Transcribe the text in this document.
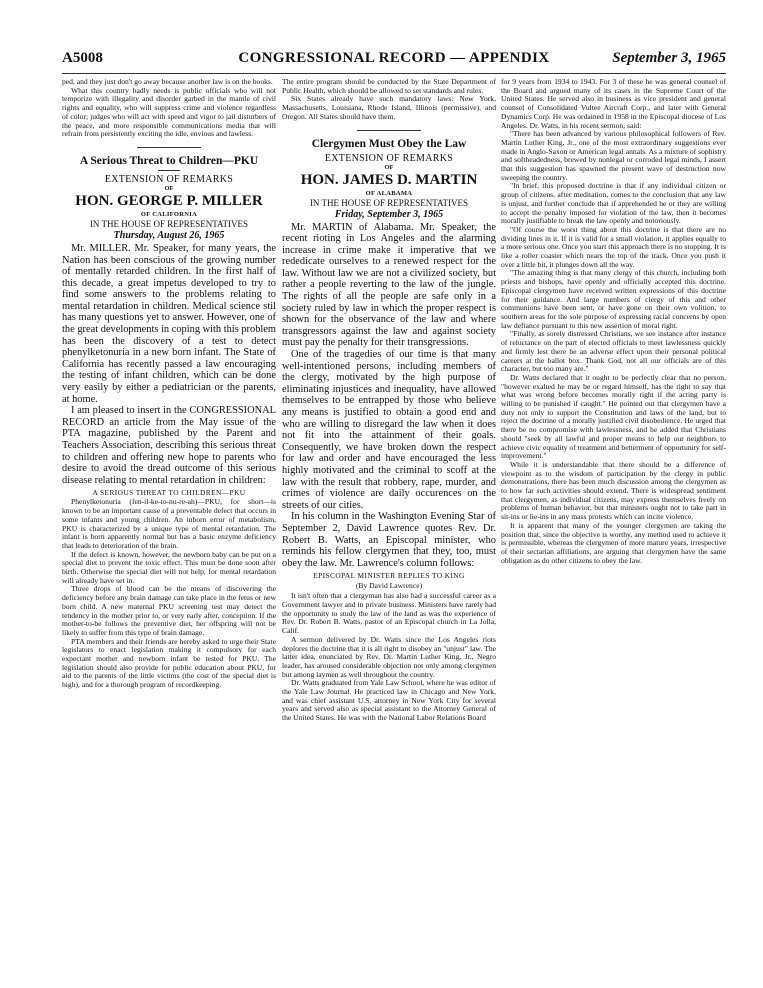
A5008	CONGRESSIONAL RECORD — APPENDIX	September 3, 1965

ped, and they just don't go away because another law is on the books.

What this country badly needs is public officials who will not temporize with illegality and disorder garbed in the mantle of civil rights and equality, who will suppress crime and violence regardless of color; judges who will act with speed and vigor to jail disturbers of the peace, and more responsible communications media that will refrain from persistently exciting the idle, envious and lawless.

A Serious Threat to Children—PKU
EXTENSION OF REMARKS
OF
HON. GEORGE P. MILLER
OF CALIFORNIA
IN THE HOUSE OF REPRESENTATIVES
Thursday, August 26, 1965

Mr. MILLER. Mr. Speaker, for many years, the Nation has been conscious of the growing number of mentally retarded children. In the first half of this decade, a great impetus developed to try to find some answers to the problems relating to mental retardation in children. Medical science stil has many questions yet to answer. However, one of the great developments in coping with this problem has been the discovery of a test to detect phenylketonuria in a new born infant. The State of California has recently passed a law encouraging the testing of infant children, which can be done very easily by either a pediatrician or the parents, at home.

I am pleased to insert in the CONGRESSIONAL RECORD an article from the May issue of the PTA magazine, published by the Parent and Teachers Association, describing this serious threat to children and offering new hope to parents who desire to avoid the dread outcome of this serious disease relating to mental retardation in children:

A SERIOUS THREAT TO CHILDREN—PKU

Phenylketonuria (fen-il-ke-to-nu-re-ah)—PKU, for short—is known to be an important cause of a preventable defect that occurs in some infants and young children. An inborn error of metabolism, PKU is characterized by a unique type of mental retardation. The infant is born apparently normal but has a basic enzyme deficiency that leads to deterioration of the brain.

If the defect is known, however, the newborn baby can be put on a special diet to prevent the toxic effect. This must be done soon after birth. Otherwise the special diet will not help, for mental retardation will already have set in.

Three drops of blood can be the means of discovering the deficiency before any brain damage can take place in the fetus or new born child. A new maternal PKU screening test may detect the tendency in the mother prior to, or very early after, conception. If the mother-to-be follows the preventive diet, her offspring will not be likely to suffer from this type of brain damage.

PTA members and their friends are hereby asked to urge their State legislators to enact legislation making it compulsory for each expectant mother and newborn infant be tested for PKU. The legislation should also provide for public education about PKU, for aid to the parents of the little victims (the cost of the special diet is high), and for a thorough program of recordkeeping.

The entire program should be conducted by the State Department of Public Health, which should be allowed to set standards and rules.

Six States already have such mandatory laws: New York, Massachusetts, Louisiana, Rhode Island, Illinois (permissive), and Oregon. All States should have them.

Clergymen Must Obey the Law
EXTENSION OF REMARKS
OF
HON. JAMES D. MARTIN
OF ALABAMA
IN THE HOUSE OF REPRESENTATIVES
Friday, September 3, 1965

Mr. MARTIN of Alabama. Mr. Speaker, the recent rioting in Los Angeles and the alarming increase in crime make it imperative that we rededicate ourselves to a renewed respect for the law. Without law we are not a civilized society, but rather a people reverting to the law of the jungle. The rights of all the people are safe only in a society ruled by law in which the proper respect is shown for the observance of the law and where transgressors against the law and against society must pay the penalty for their transgressions.

One of the tragedies of our time is that many well-intentioned persons, including members of the clergy, motivated by the high purpose of eliminating injustices and inequality, have allowed themselves to be entrapped by those who believe any means is justified to obtain a good end and who are willing to disregard the law when it does not fit into the attainment of their goals. Consequently, we have broken down the respect for law and order and have encouraged the less highly motivated and the criminal to scoff at the law with the result that robbery, rape, murder, and crimes of violence are daily occurences on the streets of our cities.

In his column in the Washington Evening Star of September 2, David Lawrence quotes Rev. Dr. Robert B. Watts, an Episcopal minister, who reminds his fellow clergymen that they, too, must obey the law. Mr. Lawrence's column follows:

EPISCOPAL MINISTER REPLIES TO KING
(By David Lawrence)

It isn't often that a clergyman has also had a successful career as a Government lawyer and in private business. Ministers have rarely had the opportunity to study the law of the land as was the experience of Rev. Dr. Robert B. Watts, pastor of an Episcopal church in La Jolla, Calif.

A sermon delivered by Dr. Watts since the Los Angeles riots deplores the doctrine that it is all right to disobey an "unjust" law. The latter idea, enunciated by Rev. Dr. Martin Luther King, Jr., Negro leader, has aroused considerable objection not only among clergymen but among laymen as well throughout the country.

Dr. Watts graduated from Yale Law School, where he was editor of the Yale Law Journal. He practiced law in Chicago and New York, and was chief assistant U.S. attorney in New York City for several years and served also as special assistant to the Attorney General of the United States. He was with the National Labor Relations Board

for 9 years from 1934 to 1943. For 3 of these he was general counsel of the Board and argued many of its cases in the Supreme Court of the United States. He served also in business as vice president and general counsel of Consolidated Vultee Aircraft Corp., and later with General Dynamics Corp. He was ordained in 1958 in the Episcopal diocese of Los Angeles. Dr. Watts, in his recent sermon, said:

"There has been advanced by various philosophical followers of Rev. Martin Luther King, Jr., one of the most extraordinary suggestions ever made in Anglo-Saxon or American legal annals. As a mixture of sophistry and softheadedness, brewed by nonlegal or corroded legal minds, I assert that this suggestion has spawned the present wave of destruction now sweeping the country.

"In brief, this proposed doctrine is that if any individual citizen or group of citizens, after meditation, comes to the conclusion that any law is unjust, and further conclude that if apprehended he or they are willing to accept the penalty imposed for violation of the law, then it becomes morally justifiable to break the law openly and notoriously.

"Of course the worst thing about this doctrine is that there are no dividing lines in it. If it is valid for a small violation, it applies equally to a more serious one. Once you start this approach there is no stopping. It is like a roller coaster which nears the top of the track. Once you push it over a little bit, it plunges down all the way.

"The amazing thing is that many clergy of this church, including both priests and bishops, have openly and officially accepted this doctrine. Episcopal clergymen have received written expressions of this doctrine for their guidance. And large numbers of clergy of this and other communions have been sent, or have gone on their own volition, to southern areas for the sole purpose of expressing racial concerns by open law defiance pursuant to this new assertion of moral right.

"Finally, as sorely distressed Christians, we see instance after instance of reluctance on the part of elected officials to meet lawlessness quickly and firmly lest there be an adverse effect upon their personal political careers at the ballot box. Thank God, not all our officials are of this character, but too many are."

Dr. Watts declared that it ought to be perfectly clear that no person, "however exalted he may be or regard himself, has the right to say that what was wrong before becomes morally right if the acting party is willing to be punished if caught." He pointed out that clergymen have a duty not only to support the Constitution and laws of the land, but to reject the doctrine of a morally justified civil disobedience. He urged that there be no compromise with lawlessness, and he added that Christians should "seek by all lawful and proper means to help our neighbors to achieve civic equality of treatment and betterment of opportunity for self-improvement."

While it is understandable that there should be a difference of viewpoint as to the wisdom of participation by the clergy in public demonstrations, there has been much discussion among the clergymen as to how far such activities should extend. There is widespread sentiment that clergymen, as individual citizens, may express themselves freely on problems of human behavior, but that ministers ought not to take part in sit-ins or lie-ins in any mass protests which can incite violence.

It is apparent that many of the younger clergymen are taking the position that, since the objective is worthy, any method used to achieve it is permissible, whereas the clergymen of more mature years, irrespective of their sectarian affiliations, are arguing that clergymen have the same obligation as do other citizens to obey the law.
